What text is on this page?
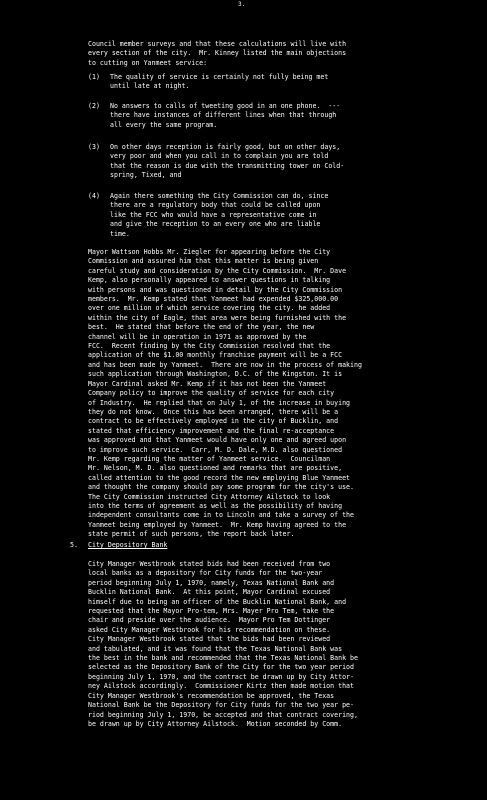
3.

Council member surveys and that these calculations will live with

every section of the city.  Mr. Kinney listed the main objections

to cutting on Yanmeet service:

(1) The quality of service is certainly not fully being met

until late at night.

(2) No answers to calls of tweeting good in an one phone.  ---

there have instances of different lines when that through

all every the same program.

(3) On other days reception is fairly good, but on other days,

very poor and when you call in to complain you are told

that the reason is due with the transmitting tower on Cold-

spring, Tixed, and

(4) Again there something the City Commission can do, since

there are a regulatory body that could be called upon

like the FCC who would have a representative come in

and give the reception to an every one who are liable

time.

Mayor Wattson Hobbs Mr. Ziegler for appearing before the City

Commission and assured him that this matter is being given

careful study and consideration by the City Commission.  Mr. Dave

Kemp, also personally appeared to answer questions in talking

with persons and was questioned in detail by the City Commission

members.  Mr. Kemp stated that Yanmeet had expended $325,000.00

over one million of which service covering the city. he added

within the city of Eagle, that area were being furnished with the

best.  He stated that before the end of the year, the new

channel will be in operation in 1971 as approved by the

FCC.  Recent finding by the City Commission resolved that the

application of the $1.00 monthly franchise payment will be a FCC

and has been made by Yanmeet.  There are now in the process of making

such application through Washington, D.C. of the Kingston. It is

Mayor Cardinal asked Mr. Kemp if it has not been the Yanmeet

Company policy to improve the quality of service for each city

of Industry.  He replied that on July 1, of the increase in buying

they do not know.  Once this has been arranged, there will be a

contract to be effectively employed in the city of Bucklin, and

stated that efficiency improvement and the final re-acceptance

was approved and that Yanmeet would have only one and agreed upon

to improve such service.  Carr, M. D. Dale, M.D. also questioned

Mr. Kemp regarding the matter of Yanmeet service.  Councilman

Mr. Nelson, M. D. also questioned and remarks that are positive,

called attention to the good record the new employing Blue Yanmeet

and thought the company should pay some program for the city's use.

The City Commission instructed City Attorney Ailstock to look

into the terms of agreement as well as the possibility of having

independent consultants come in to Lincoln and take a survey of the

Yanmeet being employed by Yanmeet.  Mr. Kemp having agreed to the

state permit of such persons, the report back later.

5. City Depository Bank

City Manager Westbrook stated bids had been received from two

local banks as a depository for City funds for the two-year

period beginning July 1, 1970, namely, Texas National Bank and

Bucklin National Bank.  At this point, Mayor Cardinal excused

himself due to being an officer of the Bucklin National Bank, and

requested that the Mayor Pro-tem, Mrs. Mayer Pro Tem, take the

chair and preside over the audience.  Mayor Pro Tem Dottinger

asked City Manager Westbrook for his recommendation on these.

City Manager Westbrook stated that the bids had been reviewed

and tabulated, and it was found that the Texas National Bank was

the best in the bank and recommended that the Texas National Bank be

selected as the Depository Bank of the City for the two year period

beginning July 1, 1970, and the contract be drawn up by City Attor-

ney Ailstock accordingly.  Commissioner Kirtz then made motion that

City Manager Westbrook's recommendation be approved, the Texas

National Bank be the Depository for City funds for the two year pe-

riod beginning July 1, 1970, be accepted and that contract covering,

be drawn up by City Attorney Ailstock.  Motion seconded by Comm.
